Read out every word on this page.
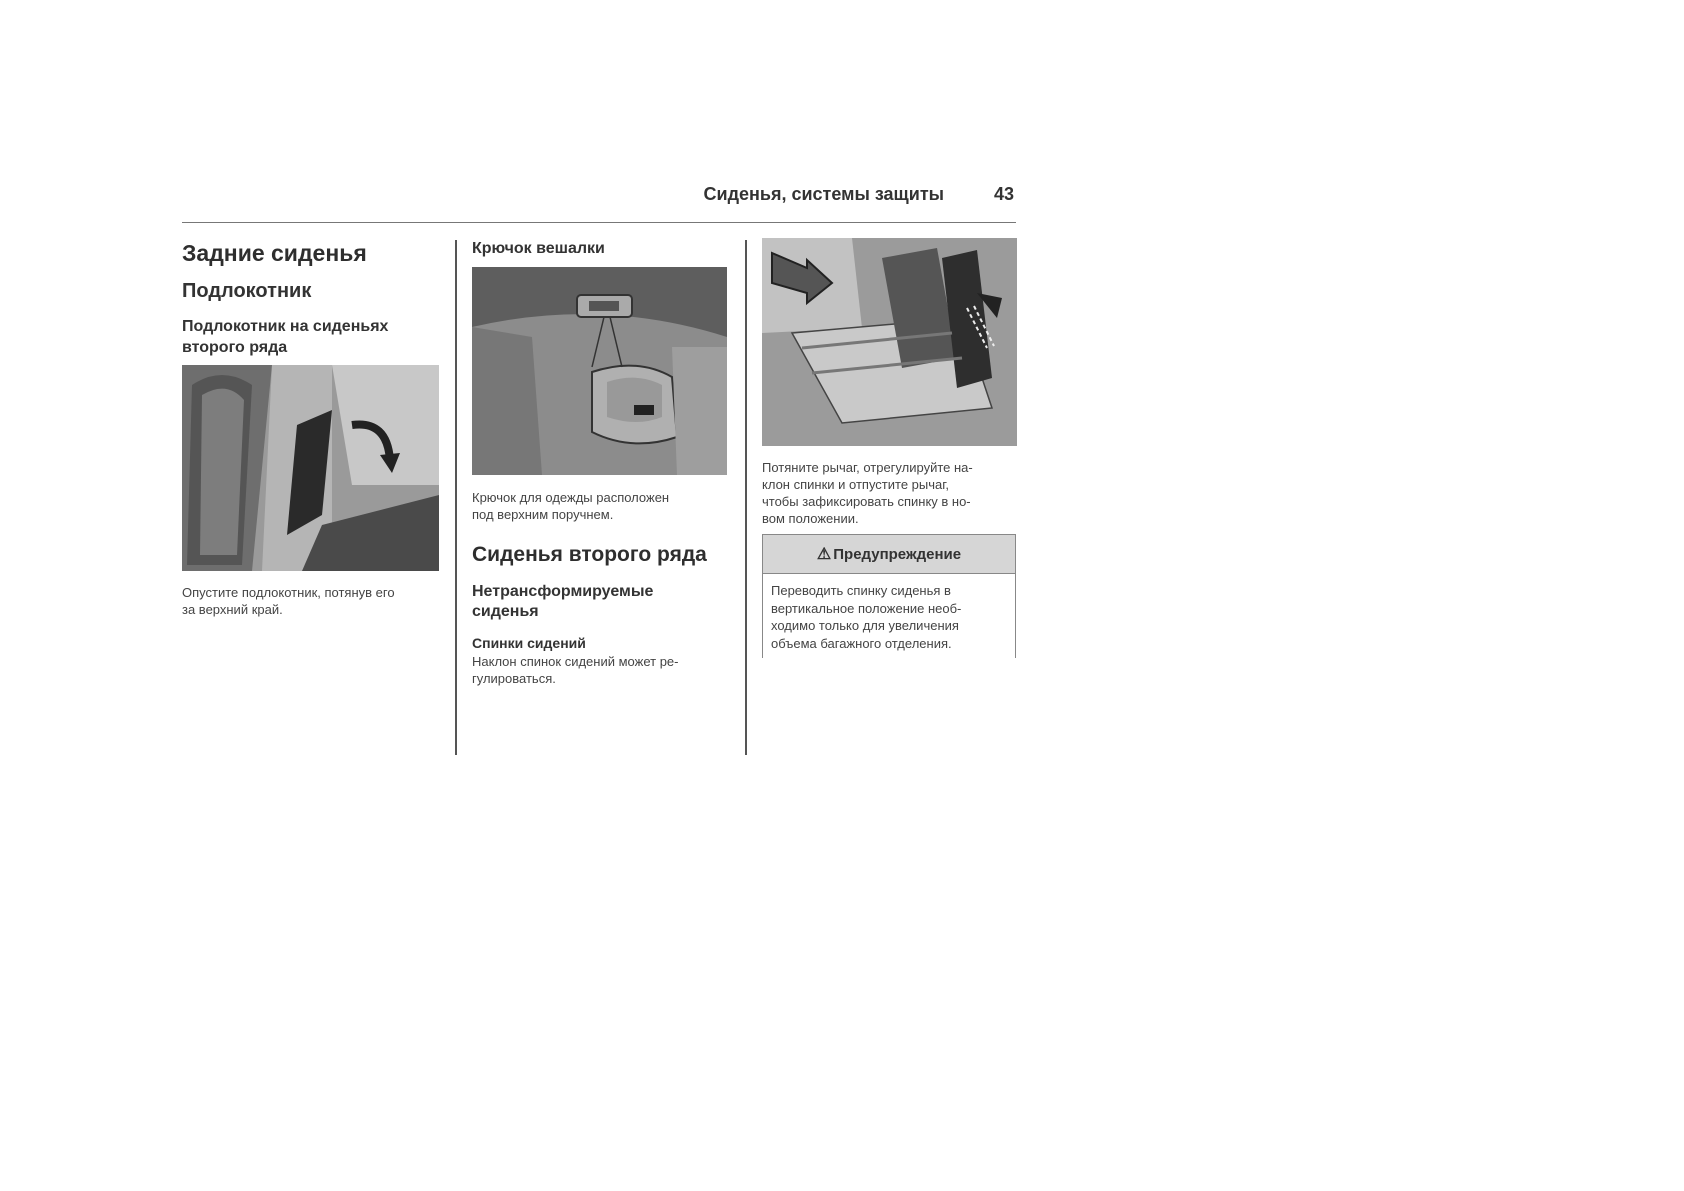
Сиденья, системы защиты	43
Задние сиденья
Подлокотник
Подлокотник на сиденьях
второго ряда
Опустите подлокотник, потянув его
за верхний край.
Крючок вешалки
Крючок для одежды расположен
под верхним поручнем.
Сиденья второго ряда
Нетрансформируемые
сиденья
Спинки сидений
Наклон спинок сидений может ре-
гулироваться.
Потяните рычаг, отрегулируйте на-
клон спинки и отпустите рычаг,
чтобы зафиксировать спинку в но-
вом положении.
⚠ Предупреждение
Переводить спинку сиденья в
вертикальное положение необ-
ходимо только для увеличения
объема багажного отделения.
